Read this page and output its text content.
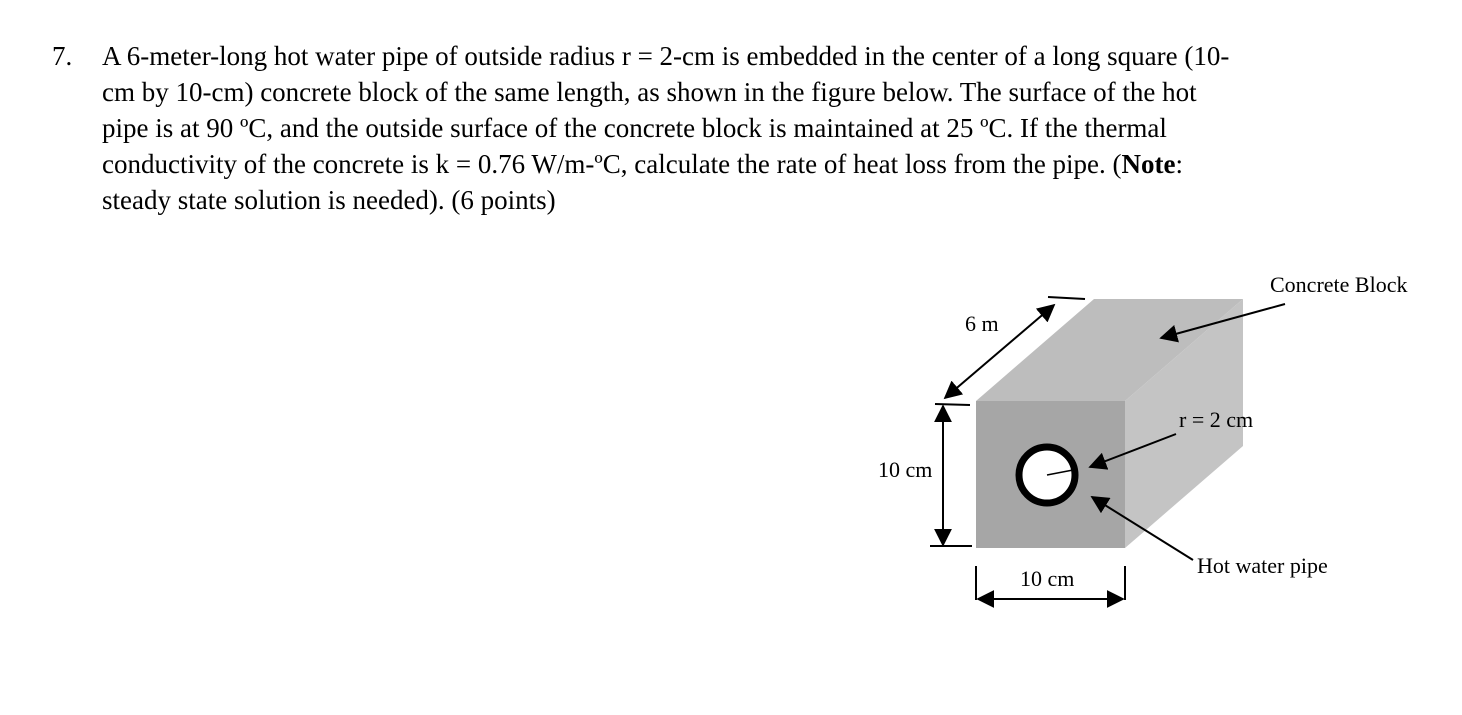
7. A 6-meter-long hot water pipe of outside radius r = 2-cm is embedded in the center of a long square (10-
cm by 10-cm) concrete block of the same length, as shown in the figure below. The surface of the hot
pipe is at 90 ºC, and the outside surface of the concrete block is maintained at 25 ºC. If the thermal
conductivity of the concrete is k = 0.76 W/m-ºC, calculate the rate of heat loss from the pipe. (Note:
steady state solution is needed). (6 points)
6 m
10 cm
10 cm
Concrete Block
r = 2 cm
Hot water pipe
